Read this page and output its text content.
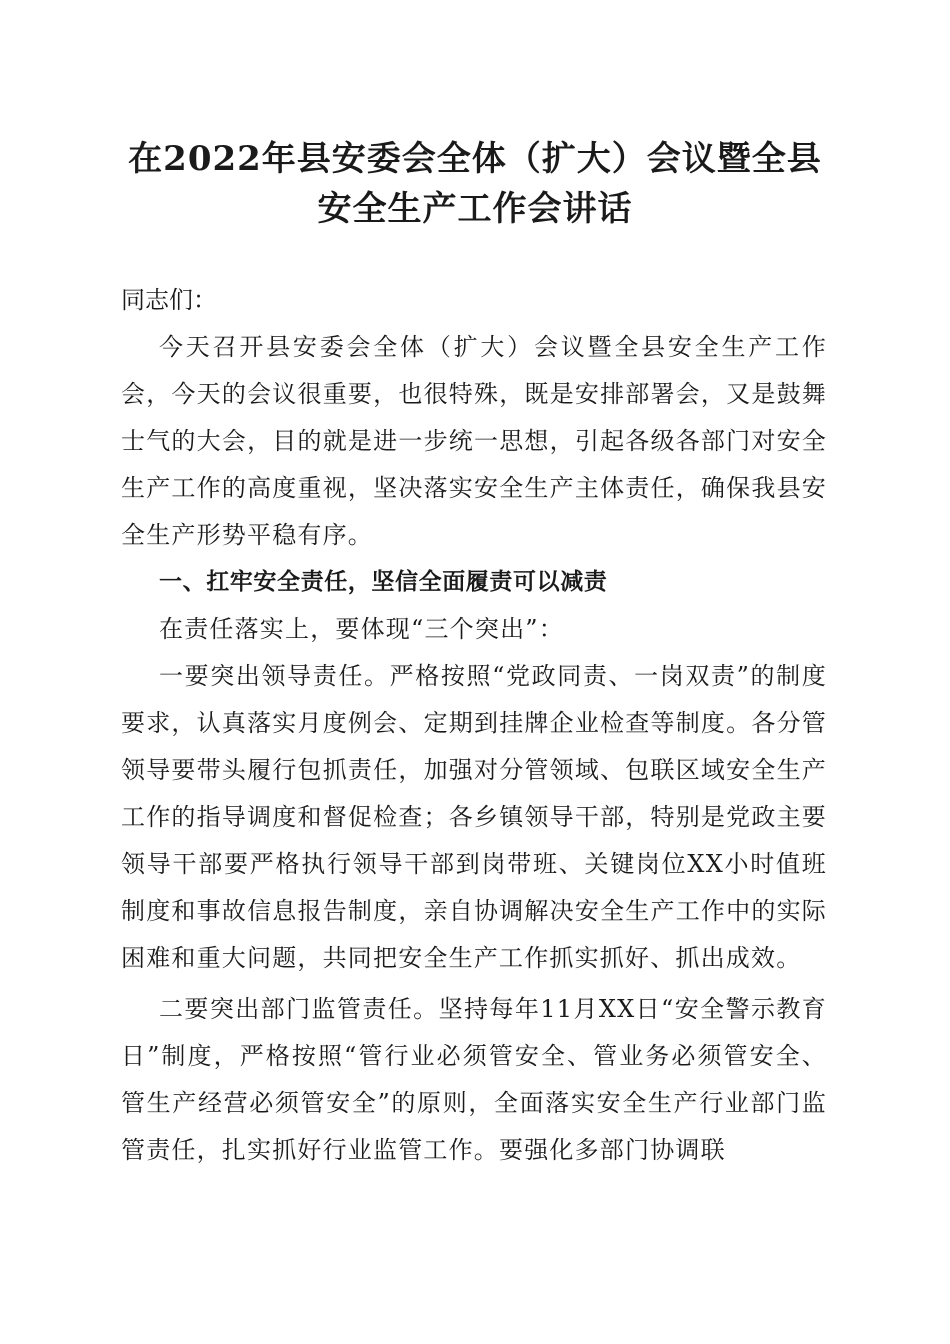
在2022年县安委会全体（扩大）会议暨全县
安全生产工作会讲话

同志们：

今天召开县安委会全体（扩大）会议暨全县安全生产工作会，今天的会议很重要，也很特殊，既是安排部署会，又是鼓舞士气的大会，目的就是进一步统一思想，引起各级各部门对安全生产工作的高度重视，坚决落实安全生产主体责任，确保我县安全生产形势平稳有序。

一、扛牢安全责任，坚信全面履责可以减责

在责任落实上，要体现“三个突出”：

一要突出领导责任。严格按照“党政同责、一岗双责”的制度要求，认真落实月度例会、定期到挂牌企业检查等制度。各分管领导要带头履行包抓责任，加强对分管领域、包联区域安全生产工作的指导调度和督促检查；各乡镇领导干部，特别是党政主要领导干部要严格执行领导干部到岗带班、关键岗位XX小时值班制度和事故信息报告制度，亲自协调解决安全生产工作中的实际困难和重大问题，共同把安全生产工作抓实抓好、抓出成效。

二要突出部门监管责任。坚持每年11月XX日“安全警示教育日”制度，严格按照“管行业必须管安全、管业务必须管安全、管生产经营必须管安全”的原则，全面落实安全生产行业部门监管责任，扎实抓好行业监管工作。要强化多部门协调联
